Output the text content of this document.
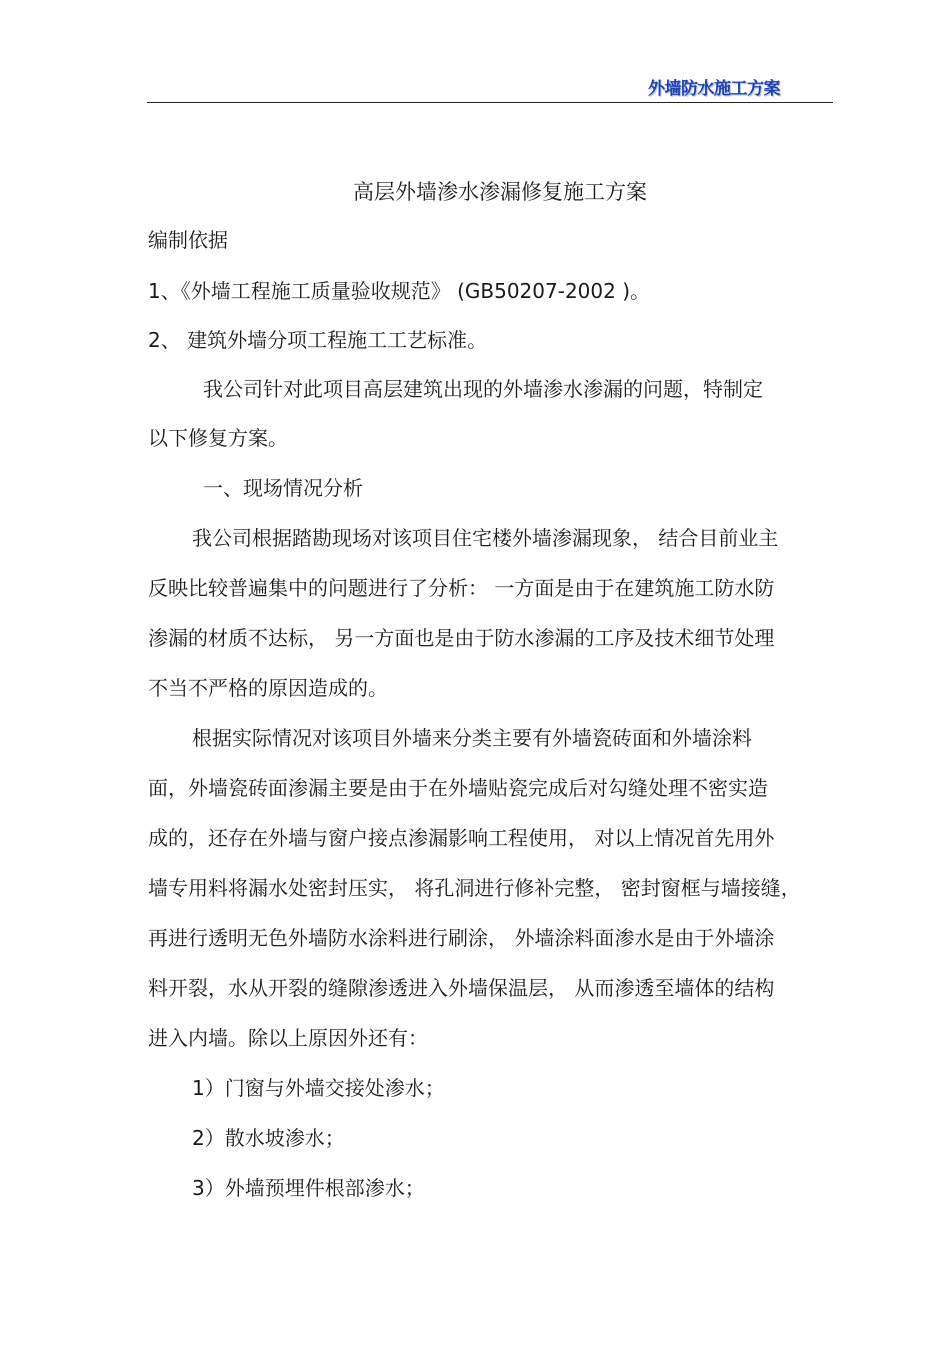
外墙防水施工方案
高层外墙渗水渗漏修复施工方案
编制依据
1、《外墙工程施工质量验收规范》 (GB50207-2002 )。
2、 建筑外墙分项工程施工工艺标准。
我公司针对此项目高层建筑出现的外墙渗水渗漏的问题，特制定
以下修复方案。
一、现场情况分析
我公司根据踏勘现场对该项目住宅楼外墙渗漏现象， 结合目前业主
反映比较普遍集中的问题进行了分析： 一方面是由于在建筑施工防水防
渗漏的材质不达标， 另一方面也是由于防水渗漏的工序及技术细节处理
不当不严格的原因造成的。
根据实际情况对该项目外墙来分类主要有外墙瓷砖面和外墙涂料
面，外墙瓷砖面渗漏主要是由于在外墙贴瓷完成后对勾缝处理不密实造
成的，还存在外墙与窗户接点渗漏影响工程使用， 对以上情况首先用外
墙专用料将漏水处密封压实， 将孔洞进行修补完整， 密封窗框与墙接缝，
再进行透明无色外墙防水涂料进行刷涂， 外墙涂料面渗水是由于外墙涂
料开裂，水从开裂的缝隙渗透进入外墙保温层， 从而渗透至墙体的结构
进入内墙。除以上原因外还有：
1）门窗与外墙交接处渗水；
2）散水坡渗水；
3）外墙预埋件根部渗水；
